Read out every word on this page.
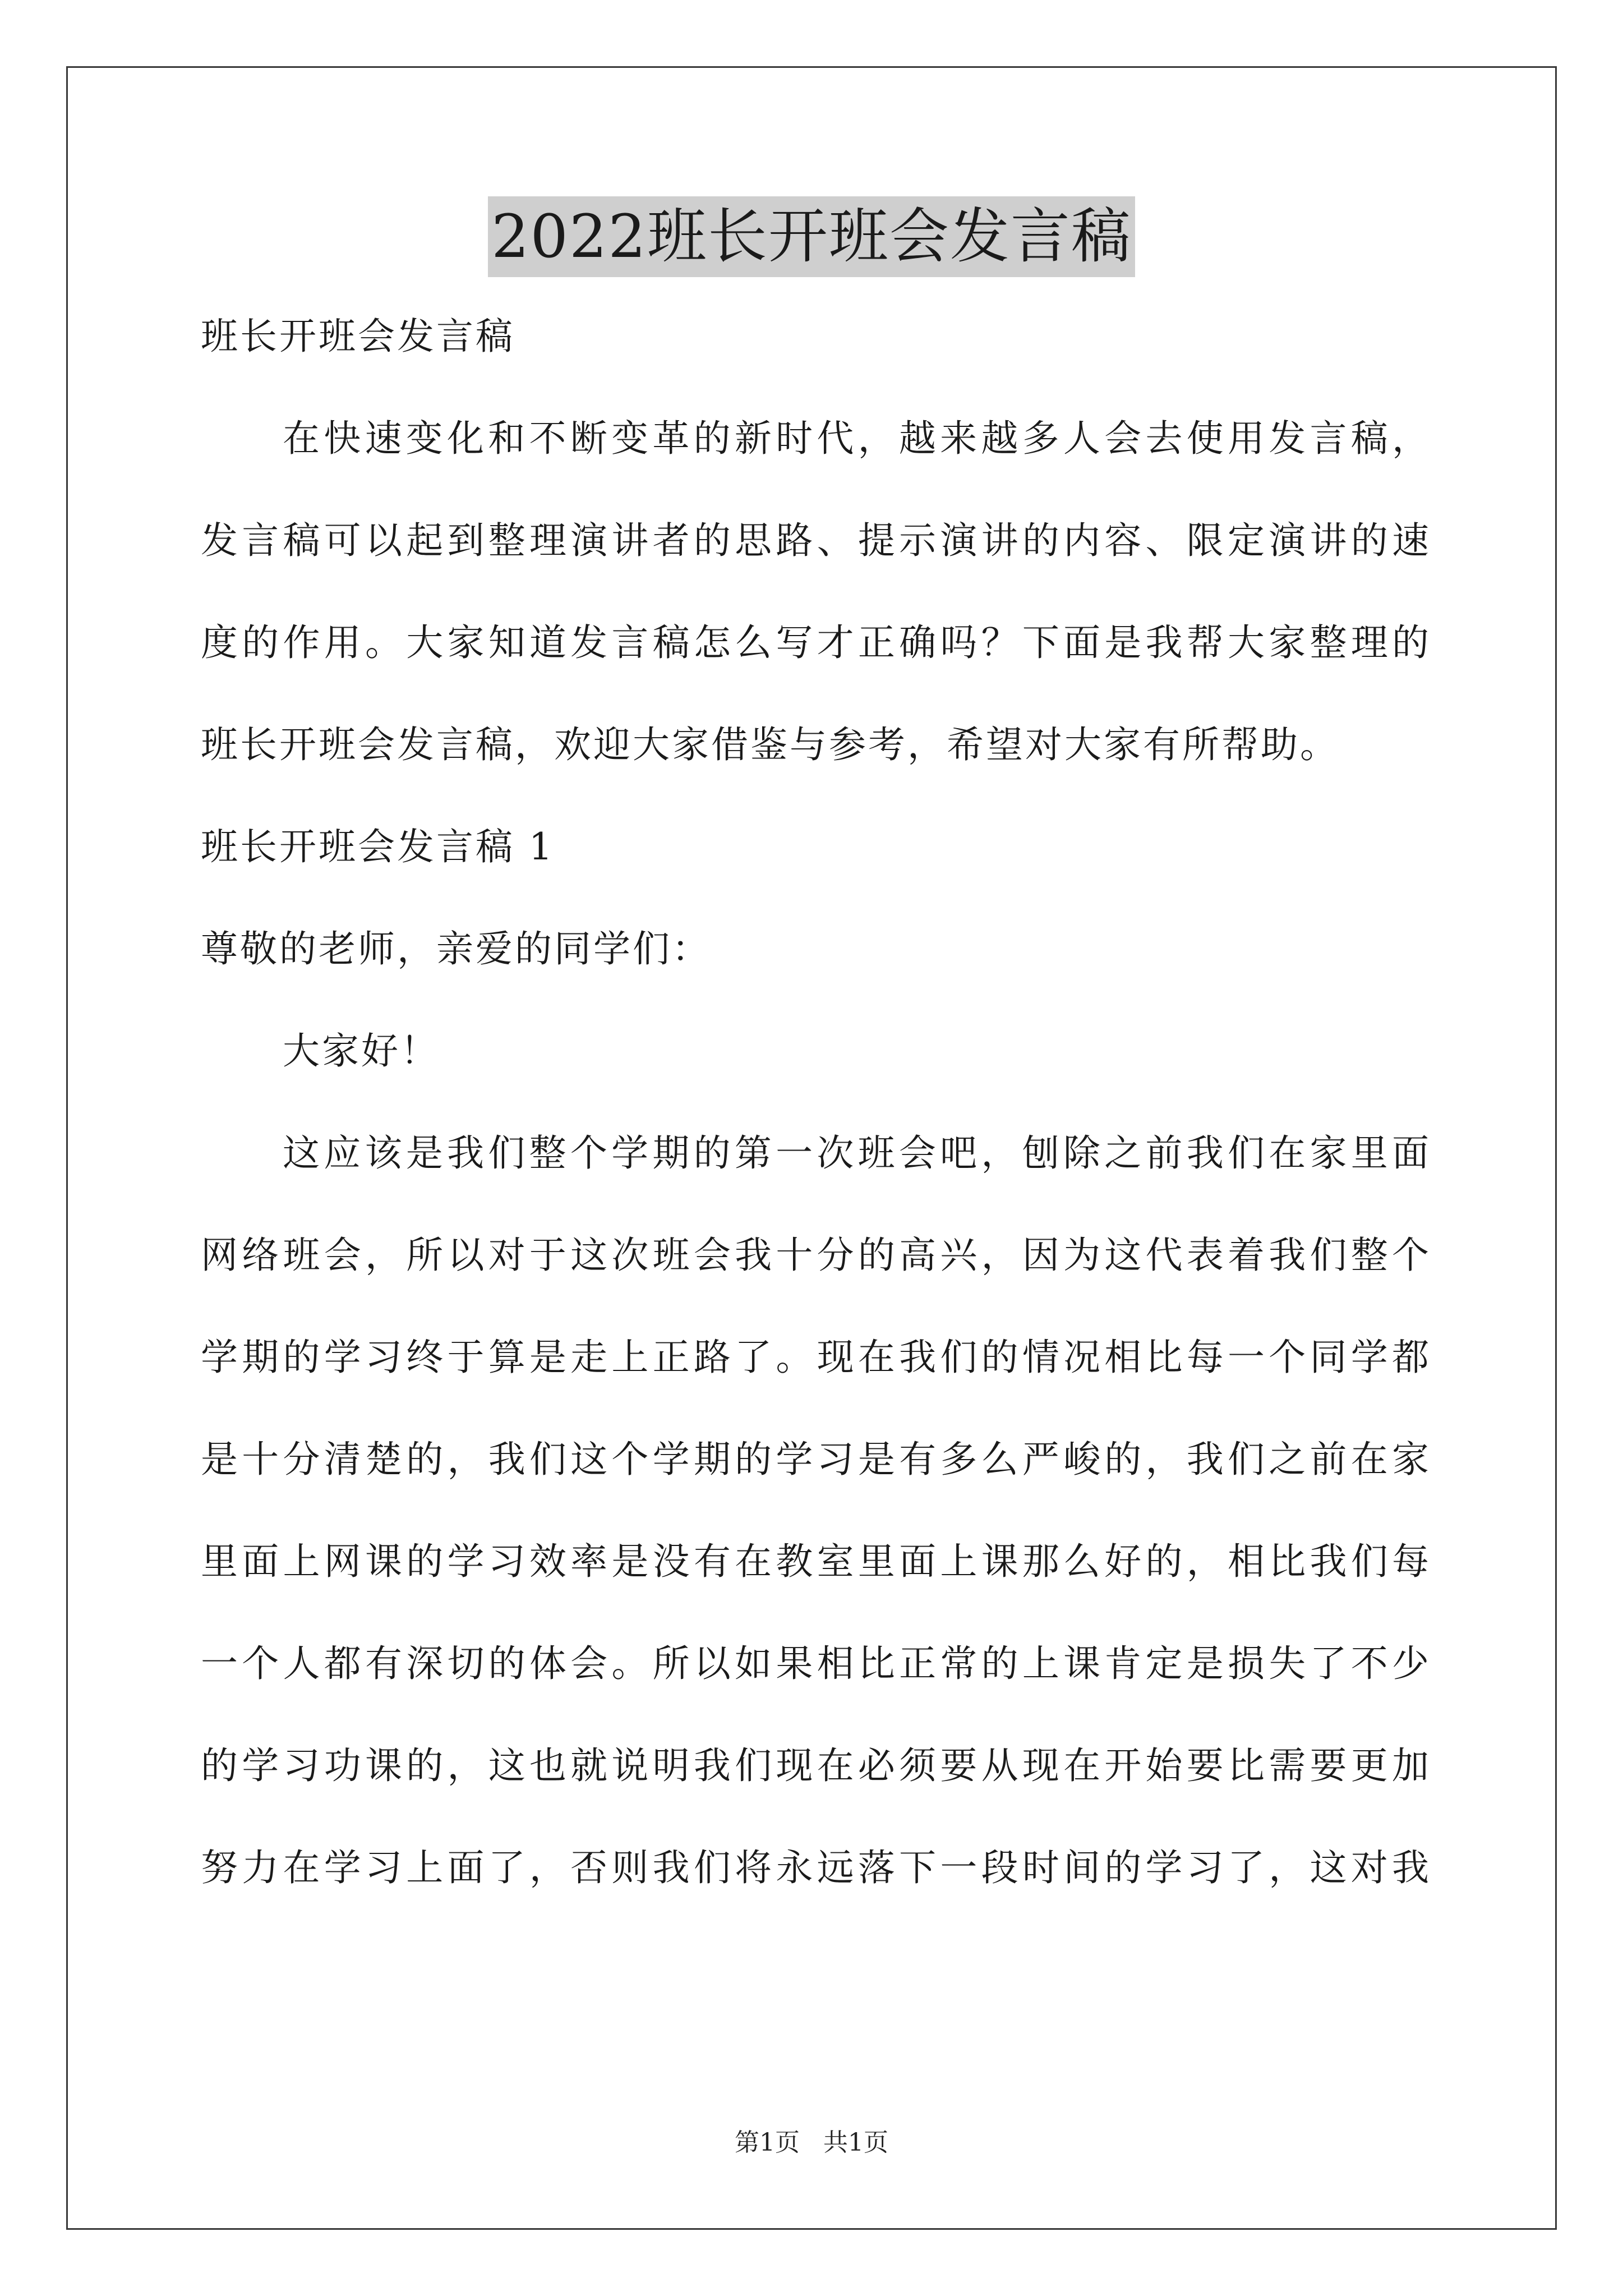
2022班长开班会发言稿
班长开班会发言稿
在快速变化和不断变革的新时代，越来越多人会去使用发言稿，
发言稿可以起到整理演讲者的思路、提示演讲的内容、限定演讲的速
度的作用。大家知道发言稿怎么写才正确吗？下面是我帮大家整理的
班长开班会发言稿，欢迎大家借鉴与参考，希望对大家有所帮助。
班长开班会发言稿 1
尊敬的老师，亲爱的同学们：
大家好！
这应该是我们整个学期的第一次班会吧，刨除之前我们在家里面
网络班会，所以对于这次班会我十分的高兴，因为这代表着我们整个
学期的学习终于算是走上正路了。现在我们的情况相比每一个同学都
是十分清楚的，我们这个学期的学习是有多么严峻的，我们之前在家
里面上网课的学习效率是没有在教室里面上课那么好的，相比我们每
一个人都有深切的体会。所以如果相比正常的上课肯定是损失了不少
的学习功课的，这也就说明我们现在必须要从现在开始要比需要更加
努力在学习上面了，否则我们将永远落下一段时间的学习了，这对我
第1页   共1页
